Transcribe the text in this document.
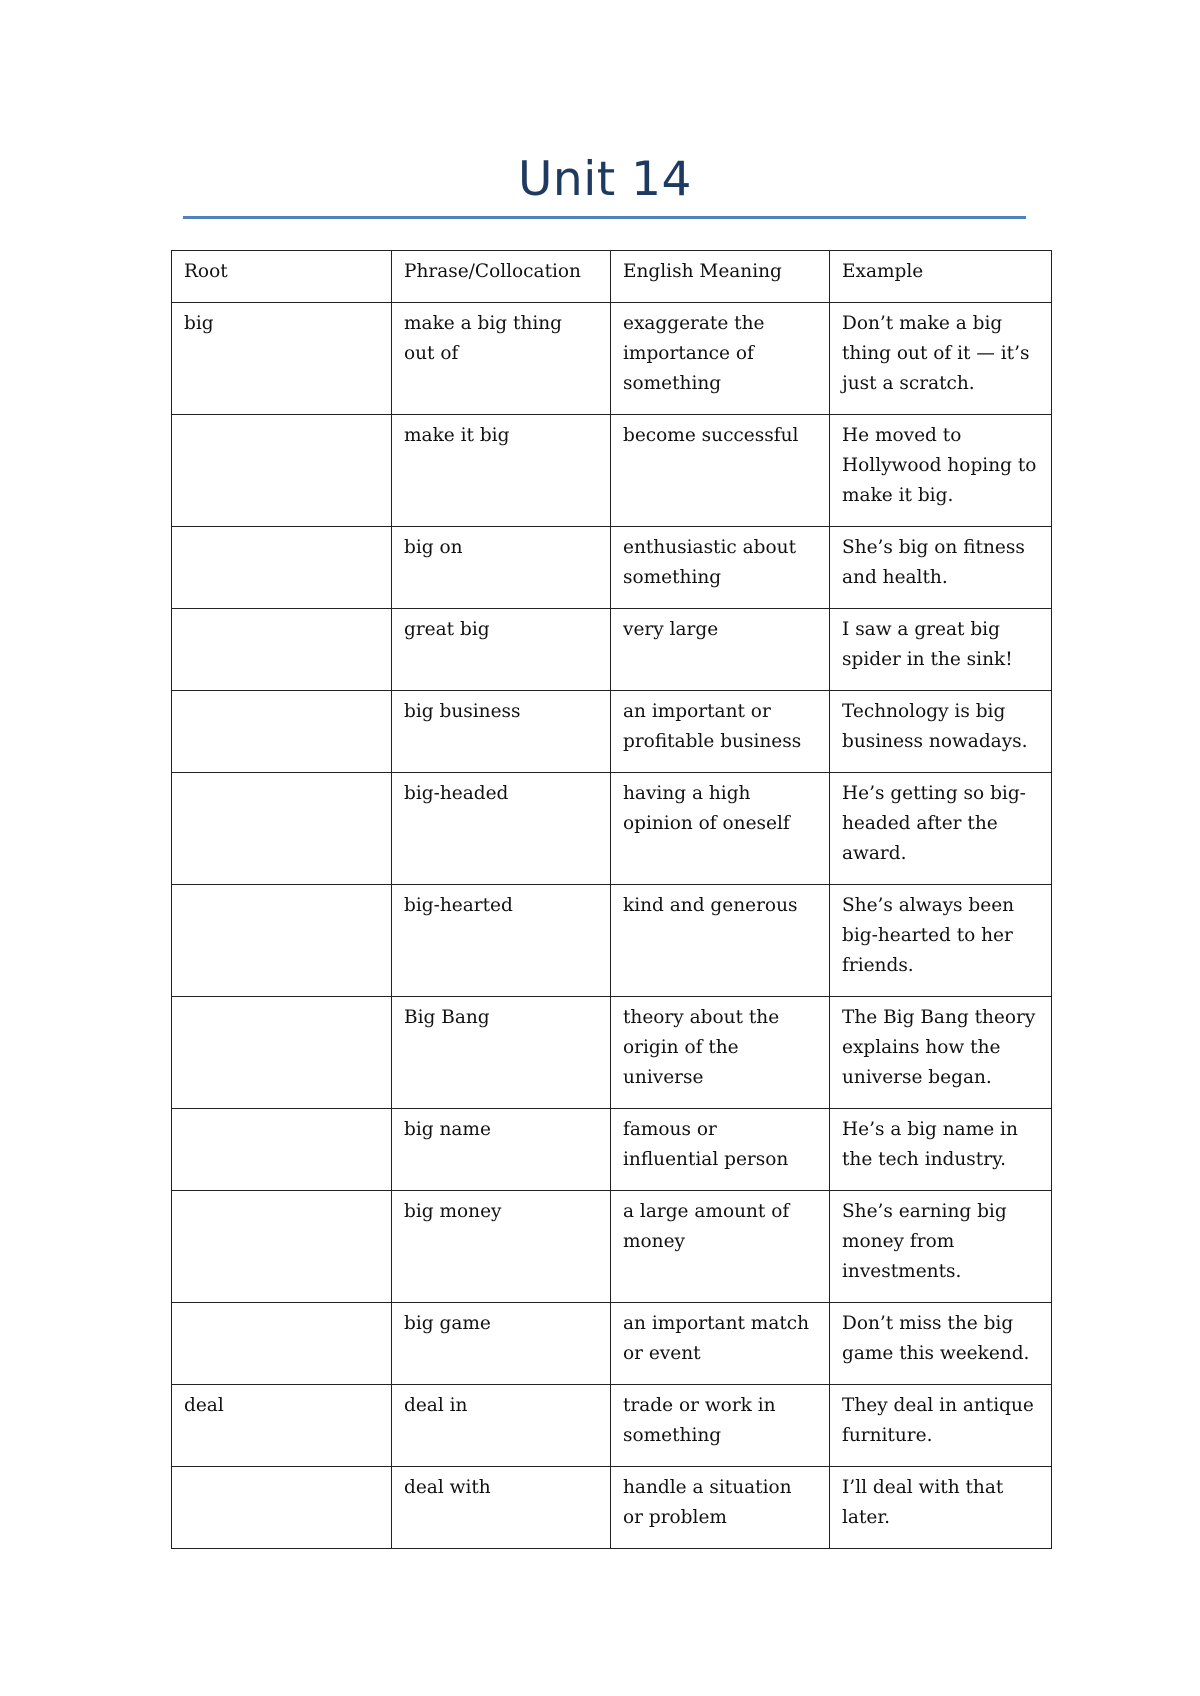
Unit 14
Root	Phrase/Collocation	English Meaning	Example
big	make a big thing out of	exaggerate the importance of something	Don’t make a big thing out of it — it’s just a scratch.
	make it big	become successful	He moved to Hollywood hoping to make it big.
	big on	enthusiastic about something	She’s big on fitness and health.
	great big	very large	I saw a great big spider in the sink!
	big business	an important or profitable business	Technology is big business nowadays.
	big-headed	having a high opinion of oneself	He’s getting so big-headed after the award.
	big-hearted	kind and generous	She’s always been big-hearted to her friends.
	Big Bang	theory about the origin of the universe	The Big Bang theory explains how the universe began.
	big name	famous or influential person	He’s a big name in the tech industry.
	big money	a large amount of money	She’s earning big money from investments.
	big game	an important match or event	Don’t miss the big game this weekend.
deal	deal in	trade or work in something	They deal in antique furniture.
	deal with	handle a situation or problem	I’ll deal with that later.
